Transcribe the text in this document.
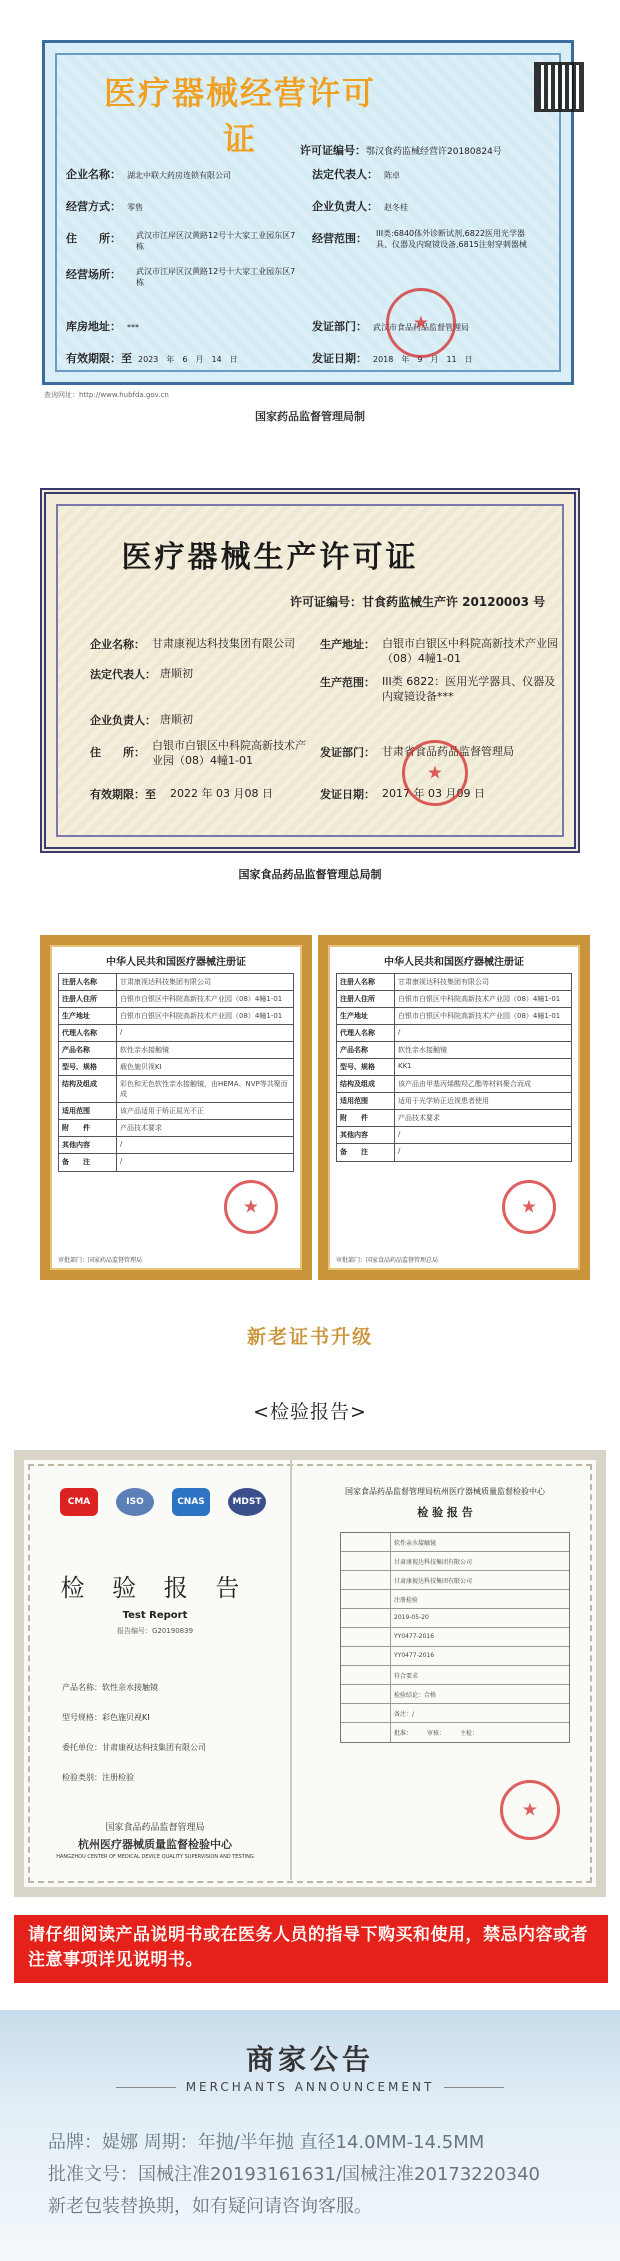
医疗器械经营许可证	许可证编号：鄂汉食药监械经营许20180824号
企业名称： 湖北中联大药房连锁有限公司	法定代表人： 陈卓
经营方式： 零售	企业负责人： 赵冬桂
住　　所： 武汉市江岸区汉黄路12号十大家工业园东区7栋
经营范围： III类:6840体外诊断试剂,6822医用光学器具、仪器及内窥镜设备,6815注射穿刺器械
经营场所： 武汉市江岸区汉黄路12号十大家工业园东区7栋
库房地址： ***	发证部门： 武汉市食品药品监督管理局
有效期限：至 2023　年　6　月　14　日	发证日期： 2018　年　9　月　11　日
★
查询网址：http://www.hubfda.gov.cn
国家药品监督管理局制
医疗器械生产许可证
许可证编号：甘食药监械生产许 20120003 号
企业名称： 甘肃康视达科技集团有限公司	生产地址： 白银市白银区中科院高新技术产业园（08）4幢1-01
法定代表人： 唐顺初
生产范围： III类 6822：医用光学器具、仪器及内窥镜设备***
企业负责人： 唐顺初
住　　所：
白银市白银区中科院高新技术产业园（08）4幢1-01
发证部门： 甘肃省食品药品监督管理局
有效期限：至 2022 年 03 月08 日	发证日期： 2017 年 03 月09 日
★
国家食品药品监督管理总局制
中华人民共和国医疗器械注册证
注册人名称	甘肃康视达科技集团有限公司
注册人住所	白银市白银区中科院高新技术产业园（08）4幢1-01
生产地址	白银市白银区中科院高新技术产业园（08）4幢1-01
代理人名称	/
产品名称	软性亲水接触镜
型号、规格	载色施贝视KI
结构及组成	彩色和无色软性亲水接触镜，由HEMA、NVP等共聚而成
适用范围	该产品适用于矫正屈光不正
附　　件	产品技术要求
其他内容	/
备　　注	/
审批部门：国家药品监督管理局
★
中华人民共和国医疗器械注册证
注册人名称	甘肃康视达科技集团有限公司
注册人住所	白银市白银区中科院高新技术产业园（08）4幢1-01
生产地址	白银市白银区中科院高新技术产业园（08）4幢1-01
代理人名称	/
产品名称	软性亲水接触镜
型号、规格	KK1
结构及组成	该产品由甲基丙烯酸羟乙酯等材料聚合而成
适用范围	适用于光学矫正近视患者使用
附　　件	产品技术要求
其他内容	/
备　　注	/
审批部门：国家食品药品监督管理总局
★
新老证书升级
<检验报告>
CMA	ISO	CNAS	MDST
检 验 报 告
Test Report
报告编号：G20190839
产品名称：软性亲水接触镜
型号规格：彩色施贝视KI
委托单位：甘肃康视达科技集团有限公司
检验类别：注册检验
国家食品药品监督管理局
杭州医疗器械质量监督检验中心
HANGZHOU CENTER OF MEDICAL DEVICE QUALITY SUPERVISION AND TESTING
国家食品药品监督管理局杭州医疗器械质量监督检验中心
检 验 报 告
软性亲水接触镜
甘肃康视达科技集团有限公司
甘肃康视达科技集团有限公司
注册检验
2019-05-20
YY0477-2016
YY0477-2016
符合要求
检验结论：合格
备注：/
批准：　　　审核：　　　主检：
★
请仔细阅读产品说明书或在医务人员的指导下购买和使用，禁忌内容或者注意事项详见说明书。
商家公告
MERCHANTS ANNOUNCEMENT
品牌：媞娜 周期：年抛/半年抛 直径14.0MM-14.5MM
批准文号：国械注准20193161631/国械注准20173220340
新老包装替换期，如有疑问请咨询客服。
